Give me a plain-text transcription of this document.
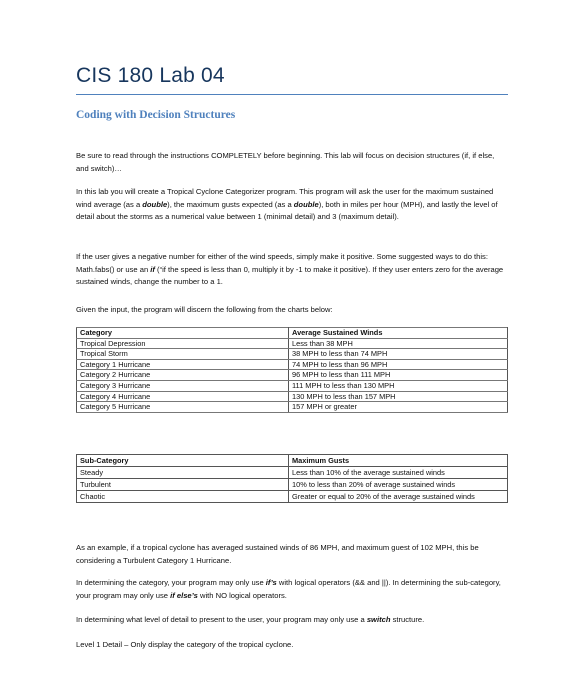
CIS 180 Lab 04
Coding with Decision Structures
Be sure to read through the instructions COMPLETELY before beginning. This lab will focus on decision structures (if, if else, and switch)…
In this lab you will create a Tropical Cyclone Categorizer program. This program will ask the user for the maximum sustained wind average (as a double), the maximum gusts expected (as a double), both in miles per hour (MPH), and lastly the level of detail about the storms as a numerical value between 1 (minimal detail) and 3 (maximum detail).
If the user gives a negative number for either of the wind speeds, simply make it positive. Some suggested ways to do this: Math.fabs() or use an if (“if the speed is less than 0, multiply it by -1 to make it positive). If they user enters zero for the average sustained winds, change the number to a 1.
Given the input, the program will discern the following from the charts below:
Category	Average Sustained Winds
Tropical Depression	Less than 38 MPH
Tropical Storm	38 MPH to less than 74 MPH
Category 1 Hurricane	74 MPH to less than 96 MPH
Category 2 Hurricane	96 MPH to less than 111 MPH
Category 3 Hurricane	111 MPH to less than 130 MPH
Category 4 Hurricane	130 MPH to less than 157 MPH
Category 5 Hurricane	157 MPH or greater
Sub-Category	Maximum Gusts
Steady	Less than 10% of the average sustained winds
Turbulent	10% to less than 20% of average sustained winds
Chaotic	Greater or equal to 20% of the average sustained winds
As an example, if a tropical cyclone has averaged sustained winds of 86 MPH, and maximum guest of 102 MPH, this be considering a Turbulent Category 1 Hurricane.
In determining the category, your program may only use if’s with logical operators (&& and ||). In determining the sub-category, your program may only use if else’s with NO logical operators.
In determining what level of detail to present to the user, your program may only use a switch structure.
Level 1 Detail – Only display the category of the tropical cyclone.
